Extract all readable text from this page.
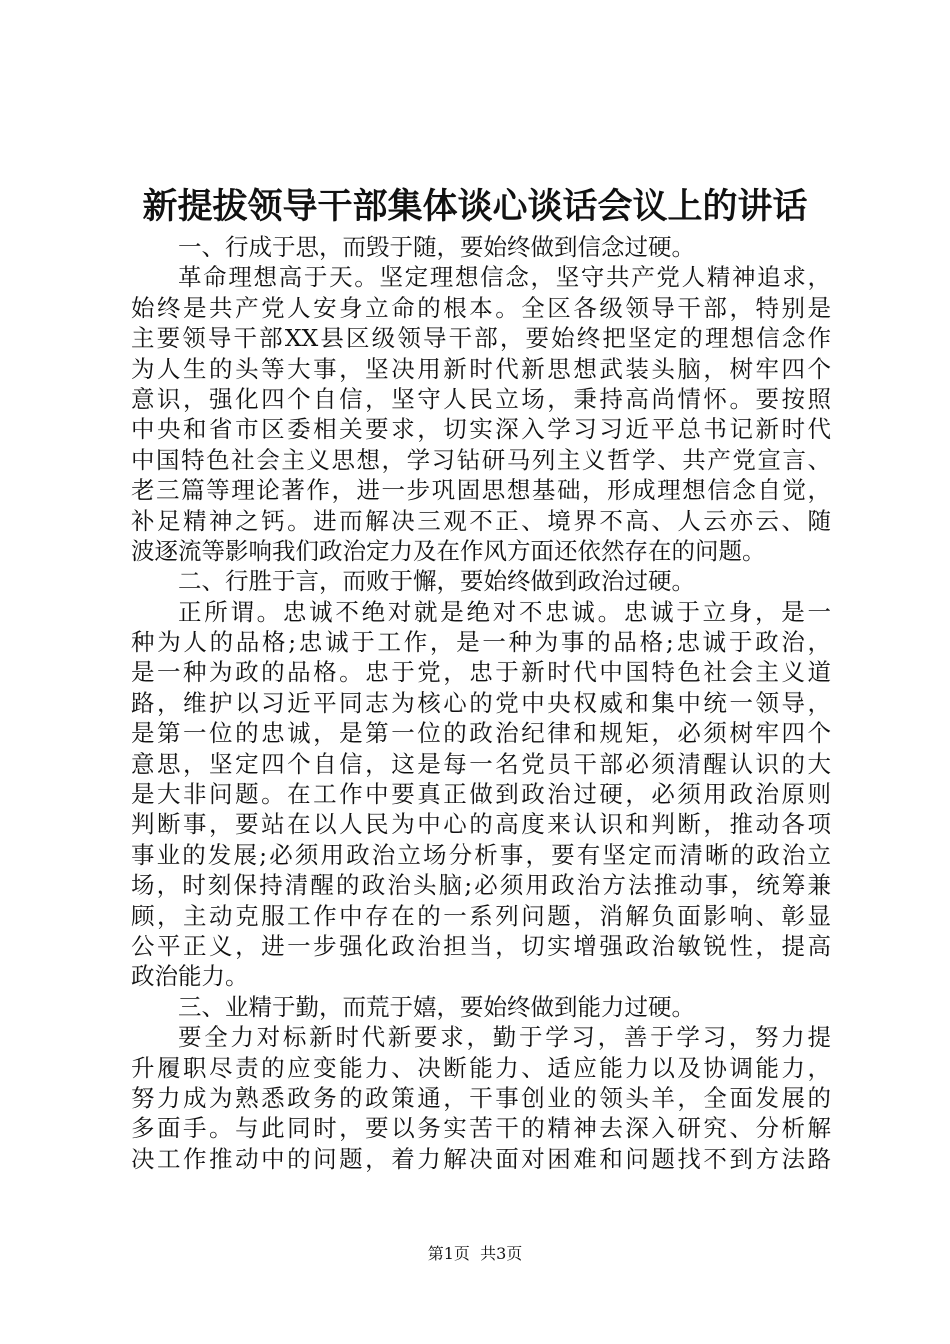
新提拔领导干部集体谈心谈话会议上的讲话
一、行成于思，而毁于随，要始终做到信念过硬。
革命理想高于天。坚定理想信念，坚守共产党人精神追求，
始终是共产党人安身立命的根本。全区各级领导干部，特别是
主要领导干部XX县区级领导干部，要始终把坚定的理想信念作
为人生的头等大事，坚决用新时代新思想武装头脑，树牢四个
意识，强化四个自信，坚守人民立场，秉持高尚情怀。要按照
中央和省市区委相关要求，切实深入学习习近平总书记新时代
中国特色社会主义思想，学习钻研马列主义哲学、共产党宣言、
老三篇等理论著作，进一步巩固思想基础，形成理想信念自觉，
补足精神之钙。进而解决三观不正、境界不高、人云亦云、随
波逐流等影响我们政治定力及在作风方面还依然存在的问题。
二、行胜于言，而败于懈，要始终做到政治过硬。
正所谓。忠诚不绝对就是绝对不忠诚。忠诚于立身，是一
种为人的品格;忠诚于工作，是一种为事的品格;忠诚于政治，
是一种为政的品格。忠于党，忠于新时代中国特色社会主义道
路，维护以习近平同志为核心的党中央权威和集中统一领导，
是第一位的忠诚，是第一位的政治纪律和规矩，必须树牢四个
意思，坚定四个自信，这是每一名党员干部必须清醒认识的大
是大非问题。在工作中要真正做到政治过硬，必须用政治原则
判断事，要站在以人民为中心的高度来认识和判断，推动各项
事业的发展;必须用政治立场分析事，要有坚定而清晰的政治立
场，时刻保持清醒的政治头脑;必须用政治方法推动事，统筹兼
顾，主动克服工作中存在的一系列问题，消解负面影响、彰显
公平正义，进一步强化政治担当，切实增强政治敏锐性，提高
政治能力。
三、业精于勤，而荒于嬉，要始终做到能力过硬。
要全力对标新时代新要求，勤于学习，善于学习，努力提
升履职尽责的应变能力、决断能力、适应能力以及协调能力，
努力成为熟悉政务的政策通，干事创业的领头羊，全面发展的
多面手。与此同时，要以务实苦干的精神去深入研究、分析解
决工作推动中的问题，着力解决面对困难和问题找不到方法路
第1页  共3页
